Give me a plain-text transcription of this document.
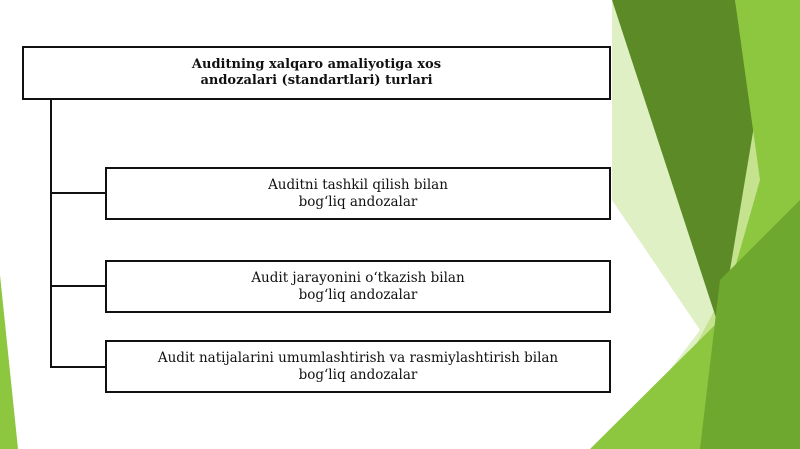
Auditning xalqaro amaliyotiga xos
andozalari (standartlari) turlari
Auditni tashkil qilish bilan
bog‘liq andozalar
Audit jarayonini o‘tkazish bilan
bog‘liq andozalar
Audit natijalarini umumlashtirish va rasmiylashtirish bilan
bog‘liq andozalar
